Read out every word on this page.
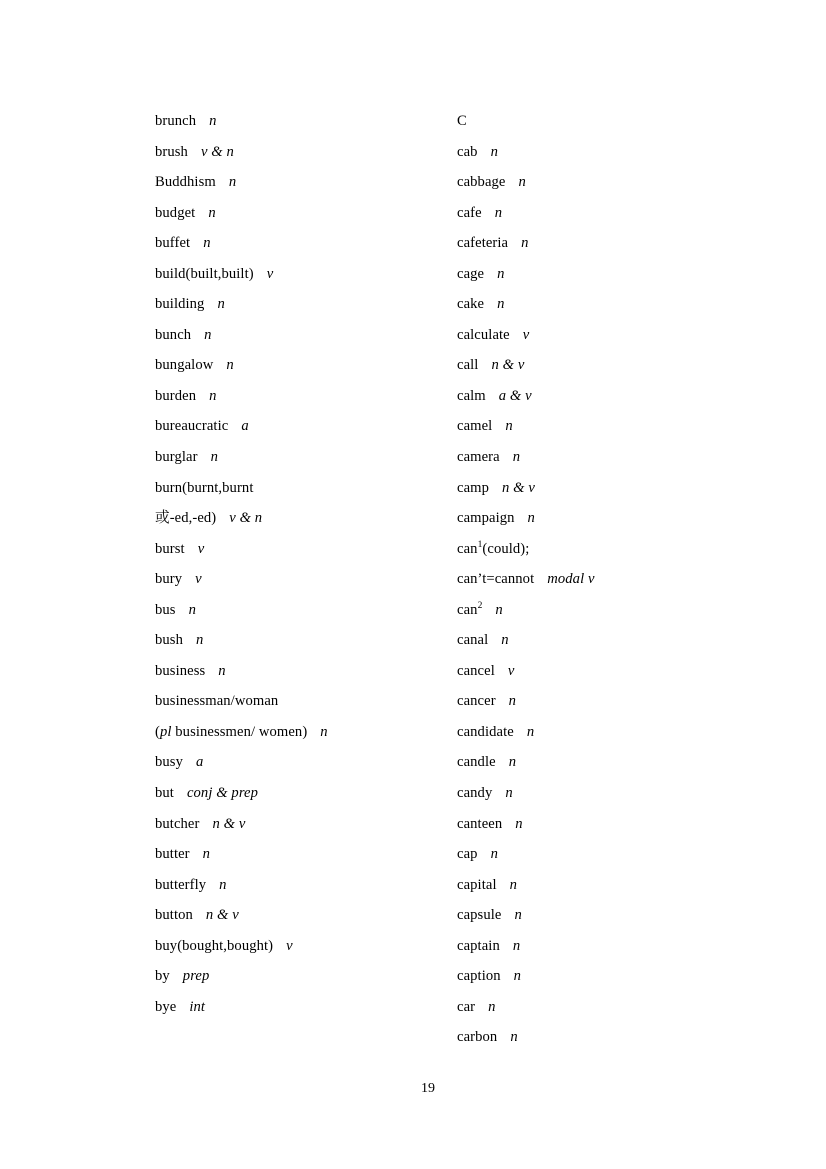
brunch n
brush v & n
Buddhism n
budget n
buffet n
build(built,built) v
building n
bunch n
bungalow n
burden n
bureaucratic a
burglar n
burn(burnt,burnt
或-ed,-ed) v & n
burst v
bury v
bus n
bush n
business n
businessman/woman
(pl businessmen/ women) n
busy a
but conj & prep
butcher n & v
butter n
butterfly n
button n & v
buy(bought,bought) v
by prep
bye int
C
cab n
cabbage n
cafe n
cafeteria n
cage n
cake n
calculate v
call n & v
calm a & v
camel n
camera n
camp n & v
campaign n
can$^1$(could);
can’t=cannot modal v
can$^2$ n
canal n
cancel v
cancer n
candidate n
candle n
candy n
canteen n
cap n
capital n
capsule n
captain n
caption n
car n
carbon n
19
